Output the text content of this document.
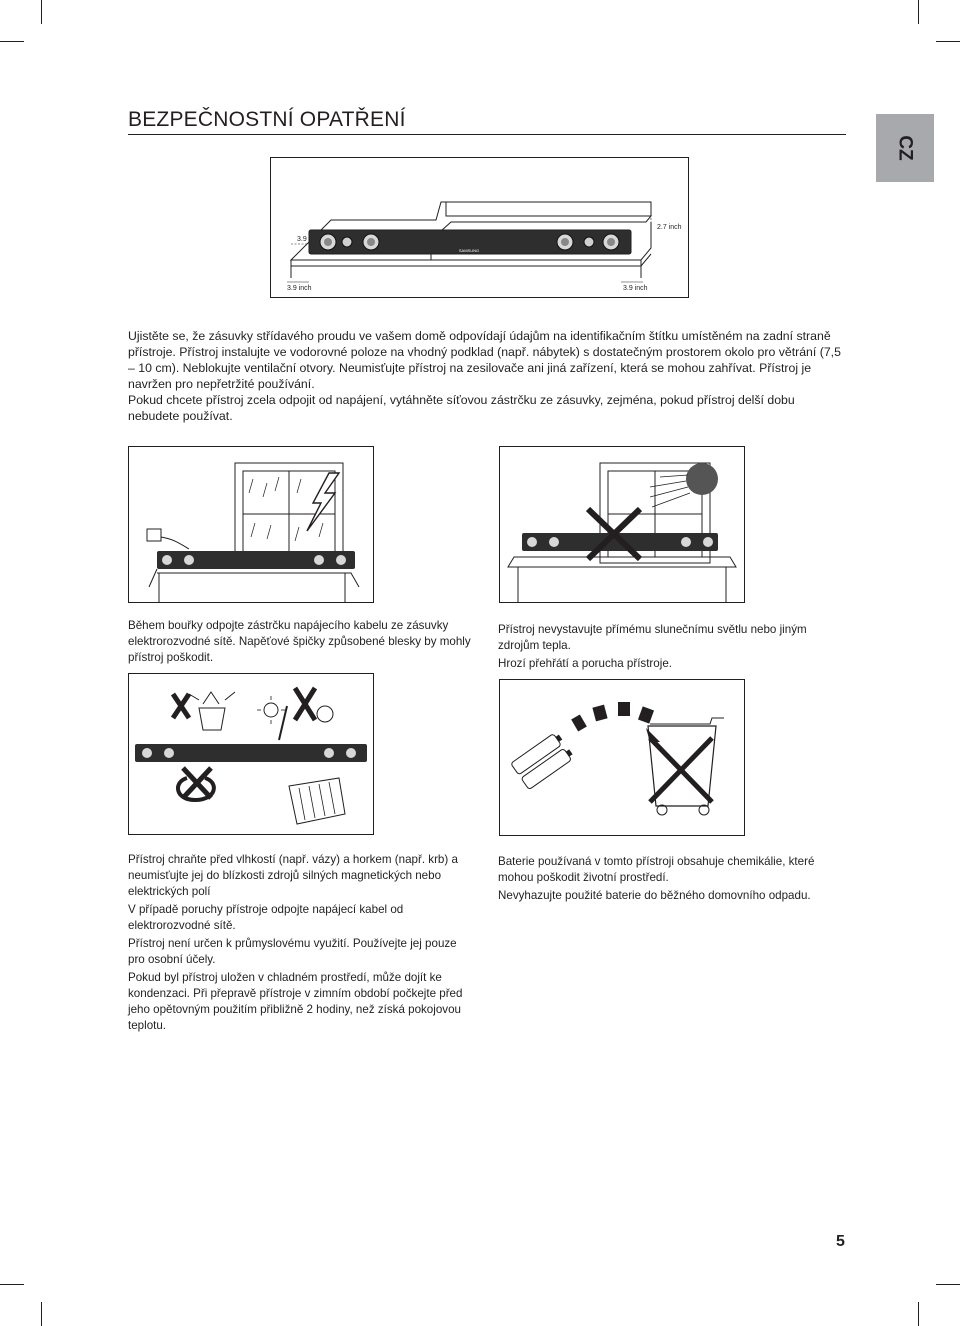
BEZPEČNOSTNÍ OPATŘENÍ
CZ
SAMSUNG
3.9
2.7 inch
3.9 inch	3.9 inch

Ujistěte se, že zásuvky střídavého proudu ve vašem domě odpovídají údajům na identifikačním štítku umístěném na zadní straně přístroje. Přístroj instalujte ve vodorovné poloze na vhodný podklad (např. nábytek) s dostatečným prostorem okolo pro větrání (7,5 – 10 cm). Neblokujte ventilační otvory. Neumisťujte přístroj na zesilovače ani jiná zařízení, která se mohou zahřívat. Přístroj je navržen pro nepřetržité používání.

Pokud chcete přístroj zcela odpojit od napájení, vytáhněte síťovou zástrčku ze zásuvky, zejména, pokud přístroj delší dobu nebudete používat.

Během bouřky odpojte zástrčku napájecího kabelu ze zásuvky elektrorozvodné sítě. Napěťové špičky způsobené blesky by mohly přístroj poškodit.

Přístroj nevystavujte přímému slunečnímu světlu nebo jiným zdrojům tepla.

Hrozí přehřátí a porucha přístroje.

Přístroj chraňte před vlhkostí (např. vázy) a horkem (např. krb) a neumisťujte jej do blízkosti zdrojů silných magnetických nebo elektrických polí

V případě poruchy přístroje odpojte napájecí kabel od elektrorozvodné sítě.

Přístroj není určen k průmyslovému využití. Používejte jej pouze pro osobní účely.

Pokud byl přístroj uložen v chladném prostředí, může dojít ke kondenzaci. Při přepravě přístroje v zimním období počkejte před jeho opětovným použitím přibližně 2 hodiny, než získá pokojovou teplotu.

Baterie používaná v tomto přístroji obsahuje chemikálie, které mohou poškodit životní prostředí.

Nevyhazujte použité baterie do běžného domovního odpadu.

5
